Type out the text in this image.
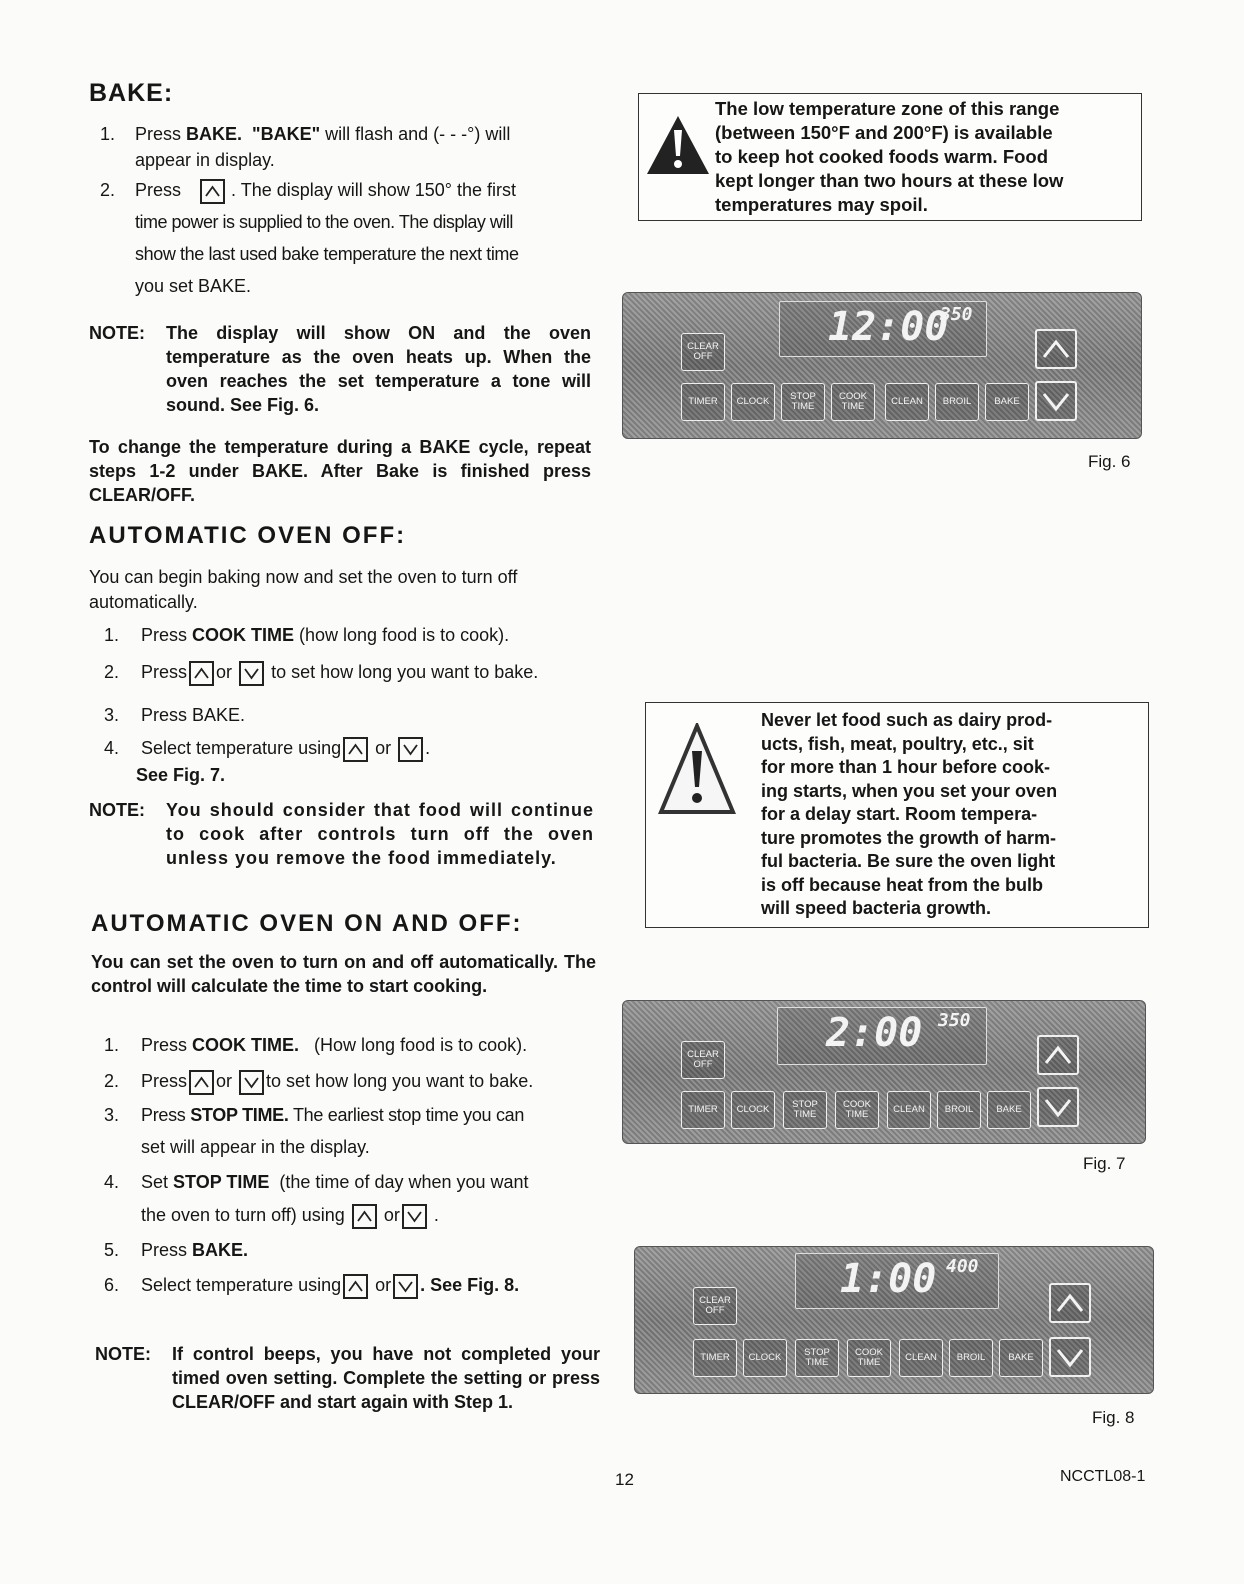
BAKE:
1. Press BAKE. "BAKE" will flash and (- - -°) will
appear in display.
2. Press	. The display will show 150° the first
time power is supplied to the oven. The display will
show the last used bake temperature the next time
you set BAKE.
NOTE: The display will show ON and the oven temperature as the oven heats up. When the oven reaches the set temperature a tone will sound. See Fig. 6.
To change the temperature during a BAKE cycle, repeat steps 1-2 under BAKE. After Bake is finished press CLEAR/OFF.
AUTOMATIC OVEN OFF:
You can begin baking now and set the oven to turn off automatically.
1.	Press COOK TIME (how long food is to cook).
2.	Press or to set how long you want to bake.
3.	Press BAKE.
4.	Select temperature using or .
See Fig. 7.
NOTE: You should consider that food will continue to cook after controls turn off the oven unless you remove the food immediately.
AUTOMATIC OVEN ON AND OFF:
You can set the oven to turn on and off automatically. The control will calculate the time to start cooking.
1.	Press COOK TIME.   (How long food is to cook).
2.	Press or to set how long you want to bake.
3.	Press STOP TIME. The earliest stop time you can
set will appear in the display.
4.	Set STOP TIME  (the time of day when you want
the oven to turn off) using or .
5.	Press BAKE.
6.	Select temperature using or . See Fig. 8.
NOTE: If control beeps, you have not completed your timed oven setting. Complete the setting or press CLEAR/OFF and start again with Step 1.
The low temperature zone of this range
(between 150°F and 200°F) is available
to keep hot cooked foods warm. Food
kept longer than two hours at these low
temperatures may spoil.
Never let food such as dairy prod-
ucts, fish, meat, poultry, etc., sit
for more than 1 hour before cook-
ing starts, when you set your oven
for a delay start. Room tempera-
ture promotes the growth of harm-
ful bacteria. Be sure the oven light
is off because heat from the bulb
will speed bacteria growth.
12:00
350
CLEAR OFF
TIMER	CLOCK	STOP TIME
COOK TIME	CLEAN	BROIL	BAKE
Fig. 6
2:00 350
CLEAR OFF
TIMER	CLOCK	STOP TIME
COOK TIME	CLEAN	BROIL	BAKE
Fig. 7
1:00 400
CLEAR OFF
TIMER	CLOCK	STOP TIME
COOK TIME	CLEAN	BROIL	BAKE
Fig. 8
12	NCCTL08-1
